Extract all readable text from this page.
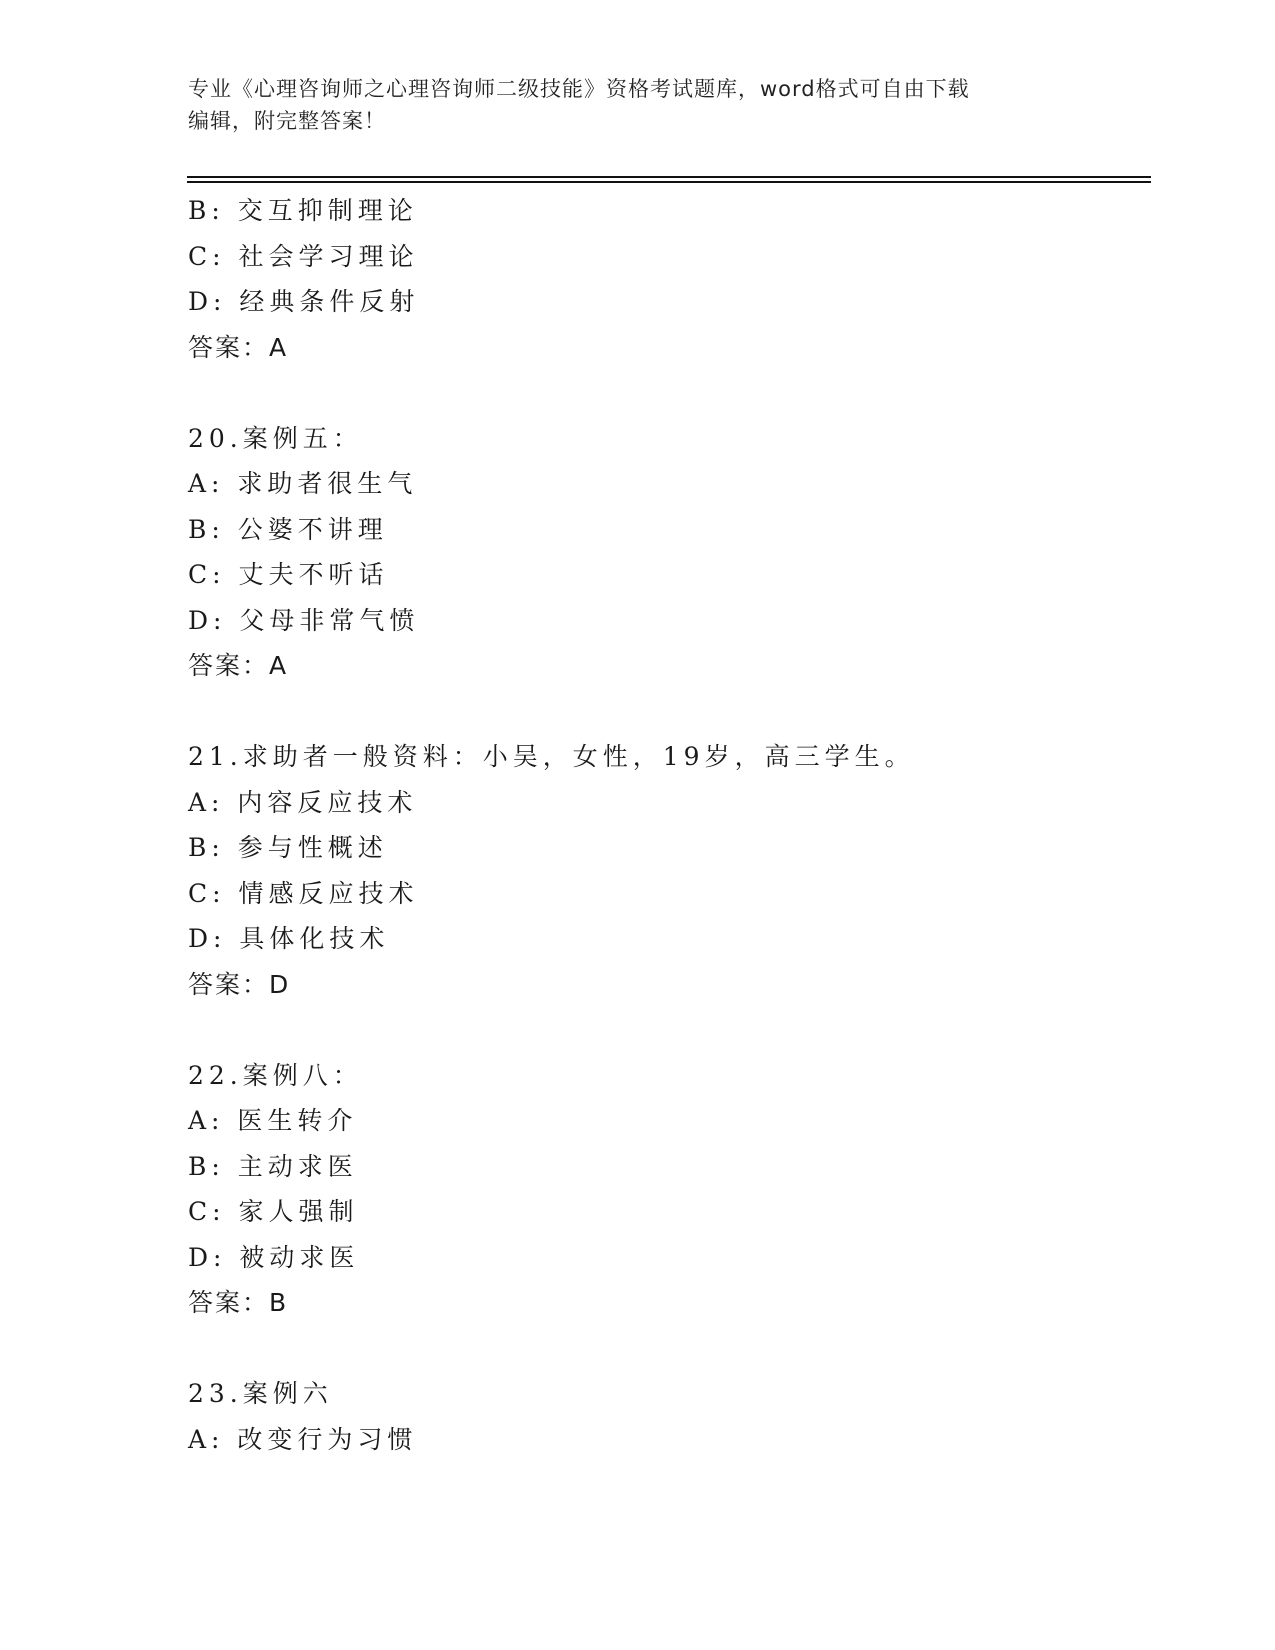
专业《心理咨询师之心理咨询师二级技能》资格考试题库，word格式可自由下载
编辑，附完整答案！
B: 交互抑制理论
C: 社会学习理论
D: 经典条件反射
答案：A
20.案例五：
A: 求助者很生气
B: 公婆不讲理
C: 丈夫不听话
D: 父母非常气愤
答案：A
21.求助者一般资料：小吴，女性，19岁，高三学生。
A: 内容反应技术
B: 参与性概述
C: 情感反应技术
D: 具体化技术
答案：D
22.案例八：
A: 医生转介
B: 主动求医
C: 家人强制
D: 被动求医
答案：B
23.案例六
A: 改变行为习惯
